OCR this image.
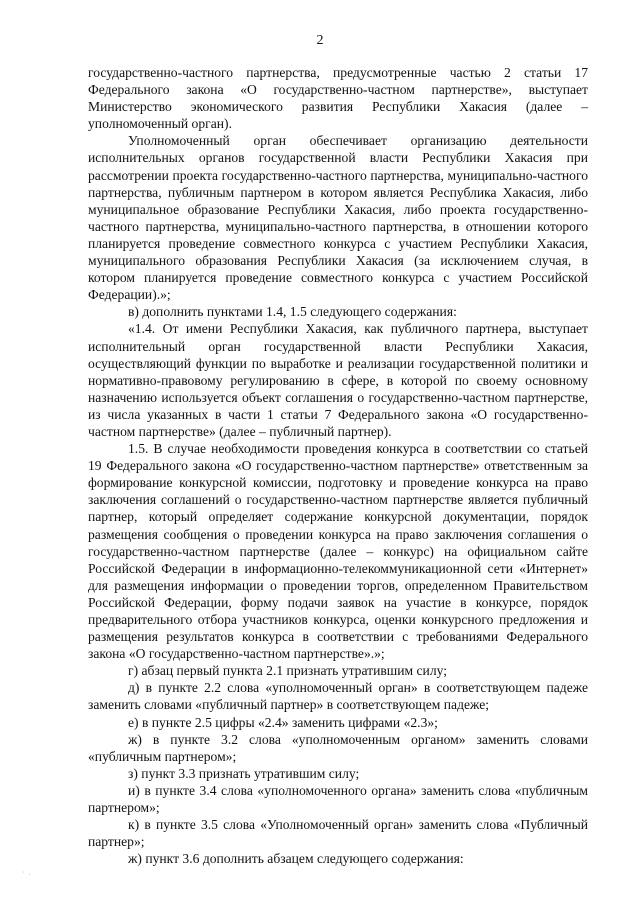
2

государственно-частного партнерства, предусмотренные частью 2 статьи 17 Федерального закона «О государственно-частном партнерстве», выступает Министерство экономического развития Республики Хакасия (далее – уполномоченный орган).

Уполномоченный орган обеспечивает организацию деятельности исполнительных органов государственной власти Республики Хакасия при рассмотрении проекта государственно-частного партнерства, муниципально-частного партнерства, публичным партнером в котором является Республика Хакасия, либо муниципальное образование Республики Хакасия, либо проекта государственно-частного партнерства, муниципально-частного партнерства, в отношении которого планируется проведение совместного конкурса с участием Республики Хакасия, муниципального образования Республики Хакасия (за исключением случая, в котором планируется проведение совместного конкурса с участием Российской Федерации).»;

в) дополнить пунктами 1.4, 1.5 следующего содержания:

«1.4. От имени Республики Хакасия, как публичного партнера, выступает исполнительный орган государственной власти Республики Хакасия, осуществляющий функции по выработке и реализации государственной политики и нормативно-правовому регулированию в сфере, в которой по своему основному назначению используется объект соглашения о государственно-частном партнерстве, из числа указанных в части 1 статьи 7 Федерального закона «О государственно-частном партнерстве» (далее – публичный партнер).

1.5. В случае необходимости проведения конкурса в соответствии со статьей 19 Федерального закона «О государственно-частном партнерстве» ответственным за формирование конкурсной комиссии, подготовку и проведение конкурса на право заключения соглашений о государственно-частном партнерстве является публичный партнер, который определяет содержание конкурсной документации, порядок размещения сообщения о проведении конкурса на право заключения соглашения о государственно-частном партнерстве (далее – конкурс) на официальном сайте Российской Федерации в информационно-телекоммуникационной сети «Интернет» для размещения информации о проведении торгов, определенном Правительством Российской Федерации, форму подачи заявок на участие в конкурсе, порядок предварительного отбора участников конкурса, оценки конкурсного предложения и размещения результатов конкурса в соответствии с требованиями Федерального закона «О государственно-частном партнерстве».»;

г) абзац первый пункта 2.1 признать утратившим силу;

д) в пункте 2.2 слова «уполномоченный орган» в соответствующем падеже заменить словами «публичный партнер» в соответствующем падеже;

е) в пункте 2.5 цифры «2.4» заменить цифрами «2.3»;

ж) в пункте 3.2 слова «уполномоченным органом» заменить словами «публичным партнером»;

з) пункт 3.3 признать утратившим силу;

и) в пункте 3.4 слова «уполномоченного органа» заменить слова «публичным партнером»;

к) в пункте 3.5 слова «Уполномоченный орган» заменить слова «Публичный партнер»;

ж) пункт 3.6 дополнить абзацем следующего содержания:

· .
